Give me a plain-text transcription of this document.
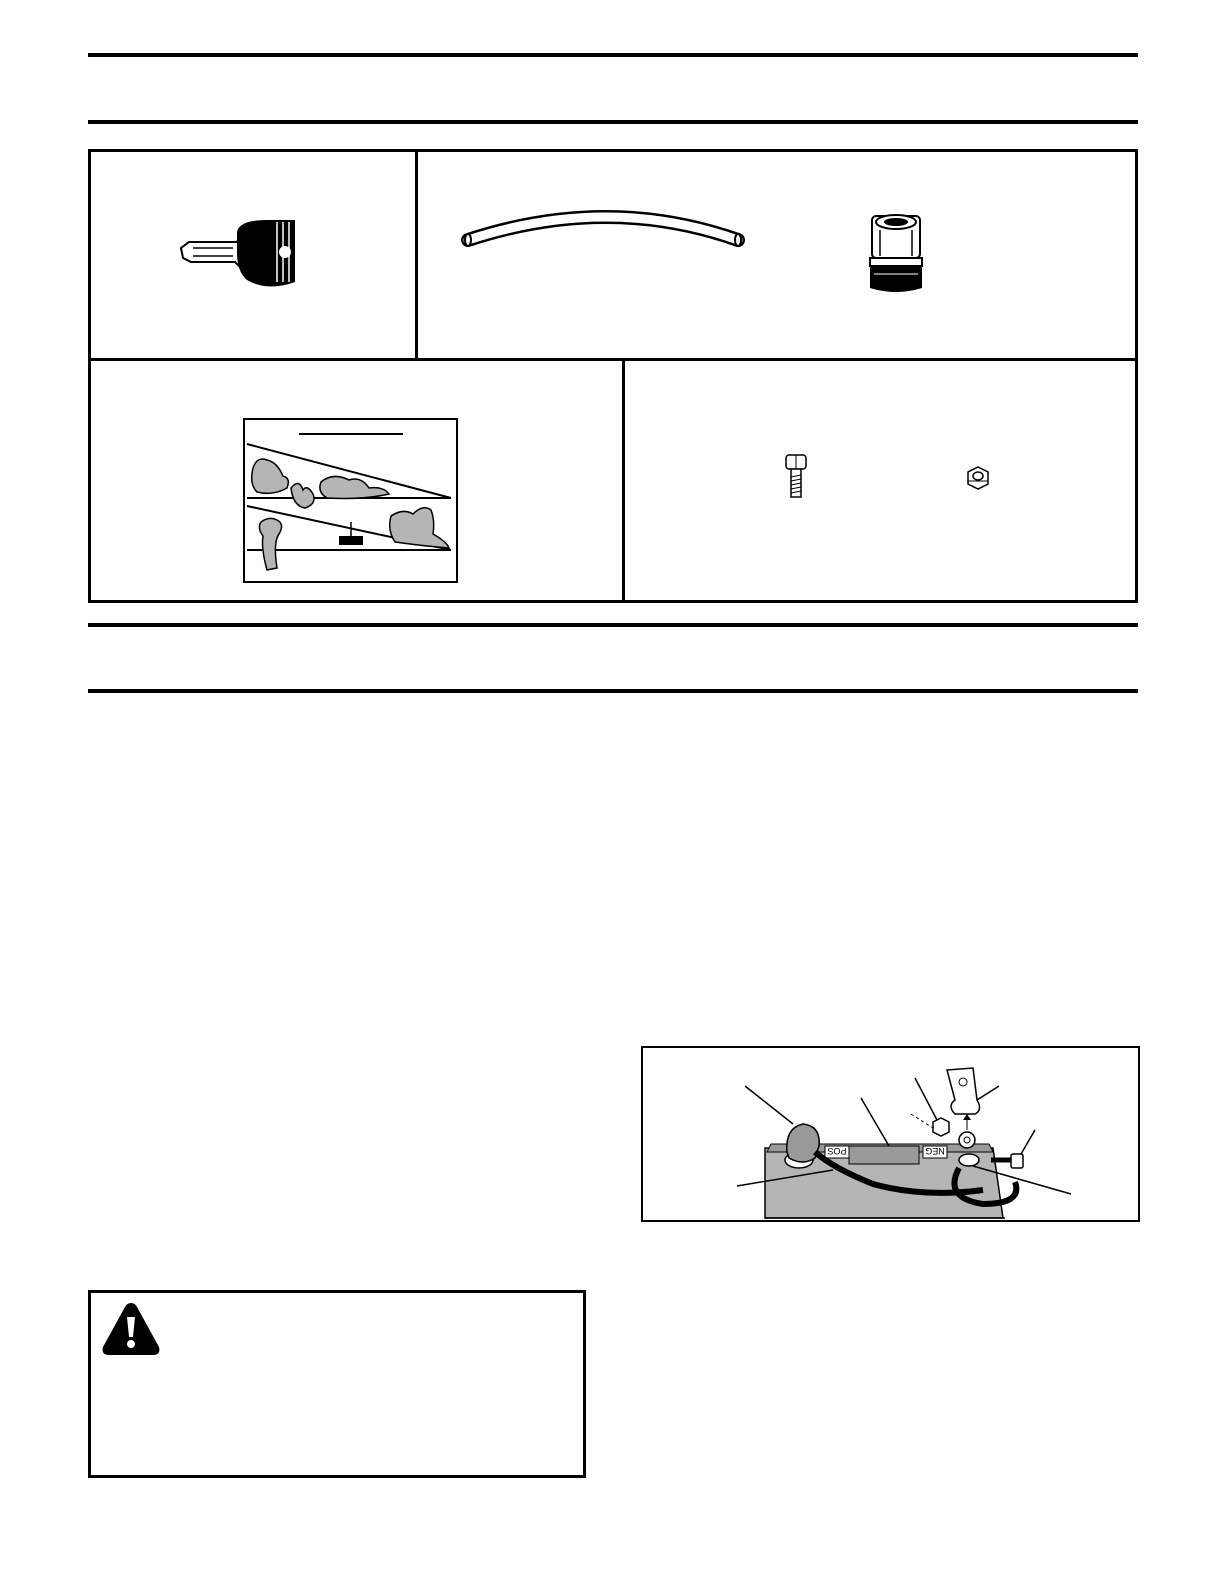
POS	NEG
